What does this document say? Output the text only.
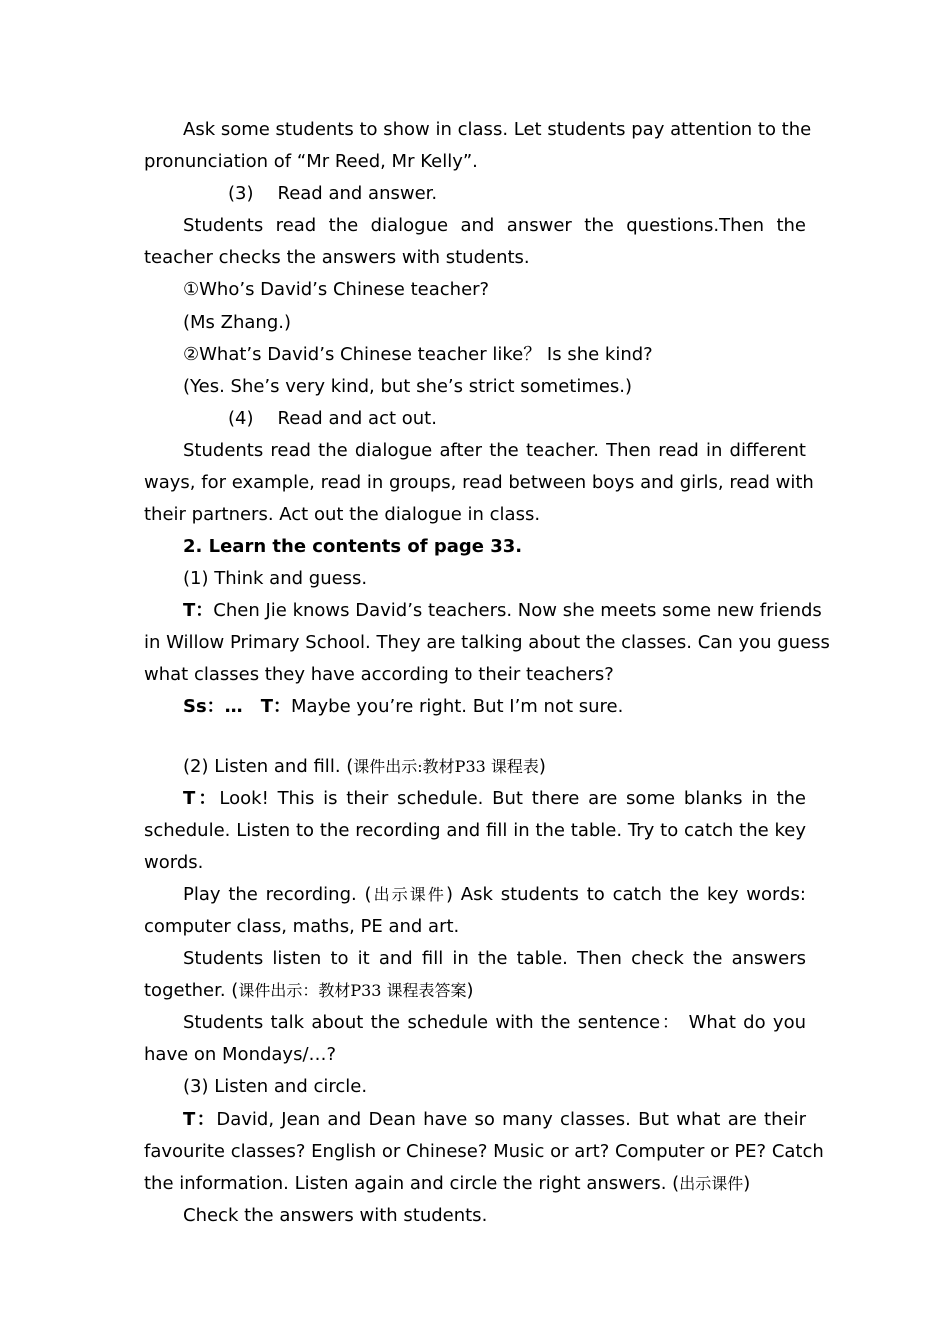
Ask some students to show in class. Let students pay attention to the
pronunciation of “Mr Reed, Mr Kelly”.
(3) Read and answer.
Students read the dialogue and answer the questions.Then the
teacher checks the answers with students.
①Who’s David’s Chinese teacher?
(Ms Zhang.)
②What’s David’s Chinese teacher like？ Is she kind?
(Yes. She’s very kind, but she’s strict sometimes.)
(4) Read and act out.
Students read the dialogue after the teacher. Then read in different
ways, for example, read in groups, read between boys and girls, read with
their partners. Act out the dialogue in class.
2. Learn the contents of page 33.
(1) Think and guess.
T：Chen Jie knows David’s teachers. Now she meets some new friends
in Willow Primary School. They are talking about the classes. Can you guess
what classes they have according to their teachers?
Ss：… T：Maybe you’re right. But I’m not sure.
(2) Listen and fill. (课件出示:教材P33 课程表)
T：Look! This is their schedule. But there are some blanks in the
schedule. Listen to the recording and fill in the table. Try to catch the key
words.
Play the recording. (出示课件) Ask students to catch the key words:
computer class, maths, PE and art.
Students listen to it and fill in the table. Then check the answers
together. (课件出示：教材P33 课程表答案)
Students talk about the schedule with the sentence： What do you
have on Mondays/…?
(3) Listen and circle.
T：David, Jean and Dean have so many classes. But what are their
favourite classes? English or Chinese? Music or art? Computer or PE? Catch
the information. Listen again and circle the right answers. (出示课件)
Check the answers with students.
